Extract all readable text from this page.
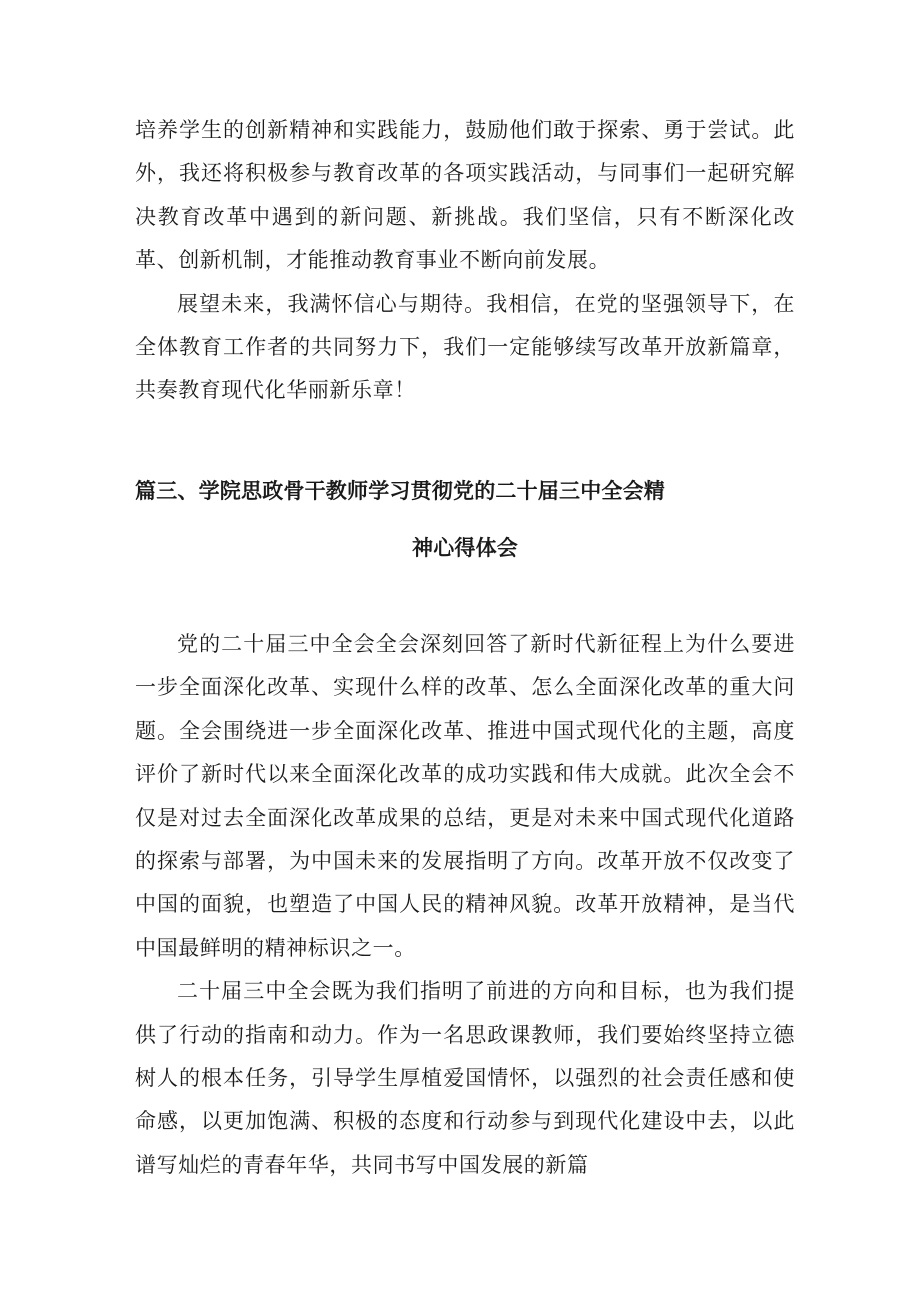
培养学生的创新精神和实践能力，鼓励他们敢于探索、勇于尝试。此外，我还将积极参与教育改革的各项实践活动，与同事们一起研究解决教育改革中遇到的新问题、新挑战。我们坚信，只有不断深化改革、创新机制，才能推动教育事业不断向前发展。

展望未来，我满怀信心与期待。我相信，在党的坚强领导下，在全体教育工作者的共同努力下，我们一定能够续写改革开放新篇章，共奏教育现代化华丽新乐章！

篇三、学院思政骨干教师学习贯彻党的二十届三中全会精
神心得体会

党的二十届三中全会全会深刻回答了新时代新征程上为什么要进一步全面深化改革、实现什么样的改革、怎么全面深化改革的重大问题。全会围绕进一步全面深化改革、推进中国式现代化的主题，高度评价了新时代以来全面深化改革的成功实践和伟大成就。此次全会不仅是对过去全面深化改革成果的总结，更是对未来中国式现代化道路的探索与部署，为中国未来的发展指明了方向。改革开放不仅改变了中国的面貌，也塑造了中国人民的精神风貌。改革开放精神，是当代中国最鲜明的精神标识之一。

二十届三中全会既为我们指明了前进的方向和目标，也为我们提供了行动的指南和动力。作为一名思政课教师，我们要始终坚持立德树人的根本任务，引导学生厚植爱国情怀，以强烈的社会责任感和使命感，以更加饱满、积极的态度和行动参与到现代化建设中去，以此谱写灿烂的青春年华，共同书写中国发展的新篇
